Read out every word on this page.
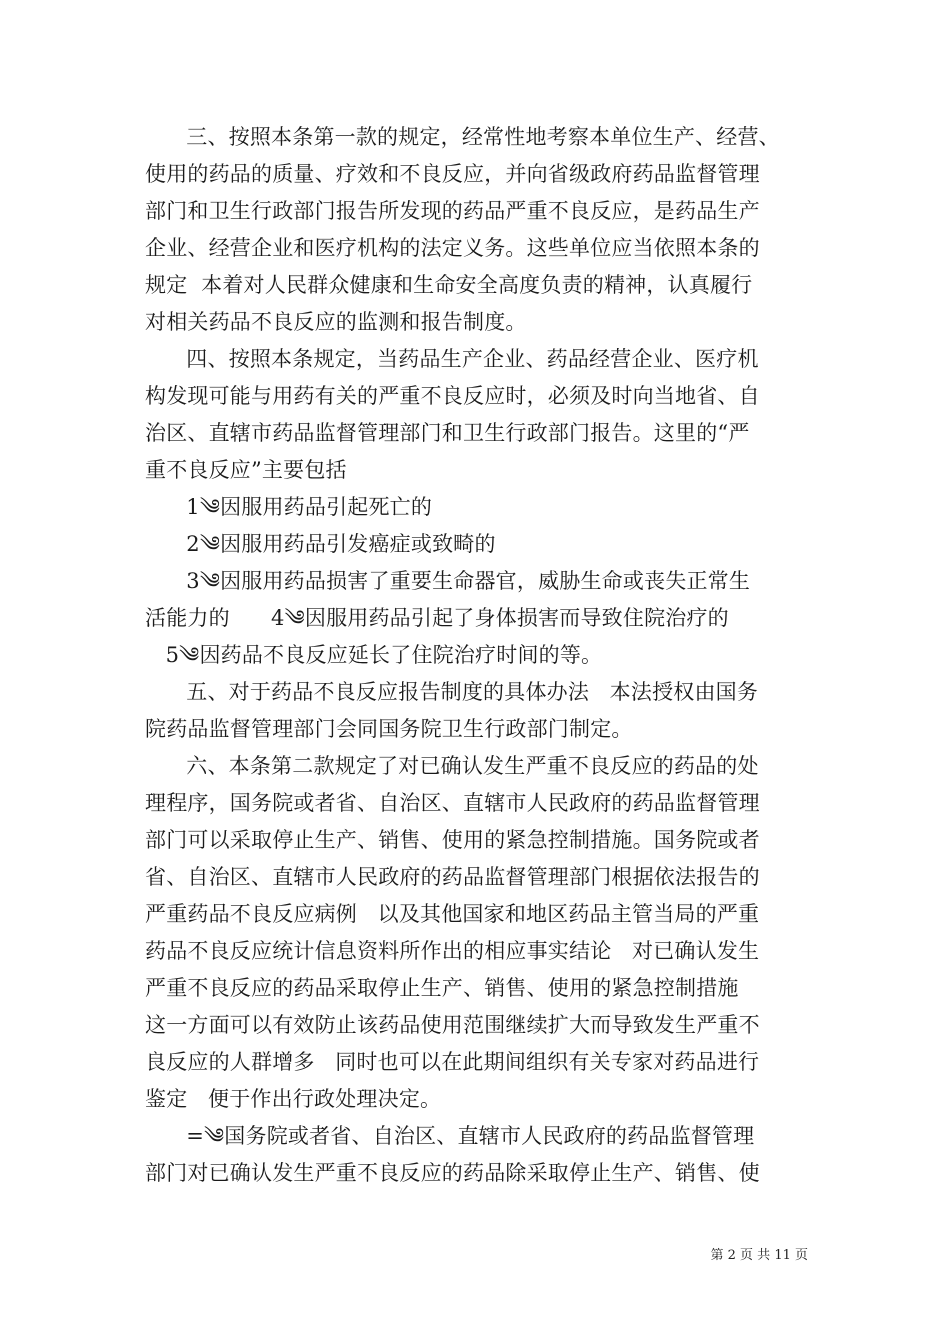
三、按照本条第一款的规定，经常性地考察本单位生产、经营、
使用的药品的质量、疗效和不良反应，并向省级政府药品监督管理
部门和卫生行政部门报告所发现的药品严重不良反应，是药品生产
企业、经营企业和医疗机构的法定义务。这些单位应当依照本条的
规定  本着对人民群众健康和生命安全高度负责的精神，认真履行
对相关药品不良反应的监测和报告制度。
四、按照本条规定，当药品生产企业、药品经营企业、医疗机
构发现可能与用药有关的严重不良反应时，必须及时向当地省、自
治区、直辖市药品监督管理部门和卫生行政部门报告。这里的“严
重不良反应”主要包括
1༄因服用药品引起死亡的
2༄因服用药品引发癌症或致畸的
3༄因服用药品损害了重要生命器官，威胁生命或丧失正常生
活能力的      4༄因服用药品引起了身体损害而导致住院治疗的
5༄因药品不良反应延长了住院治疗时间的等。
五、对于药品不良反应报告制度的具体办法   本法授权由国务
院药品监督管理部门会同国务院卫生行政部门制定。
六、本条第二款规定了对已确认发生严重不良反应的药品的处
理程序，国务院或者省、自治区、直辖市人民政府的药品监督管理
部门可以采取停止生产、销售、使用的紧急控制措施。国务院或者
省、自治区、直辖市人民政府的药品监督管理部门根据依法报告的
严重药品不良反应病例   以及其他国家和地区药品主管当局的严重
药品不良反应统计信息资料所作出的相应事实结论   对已确认发生
严重不良反应的药品采取停止生产、销售、使用的紧急控制措施
这一方面可以有效防止该药品使用范围继续扩大而导致发生严重不
良反应的人群增多   同时也可以在此期间组织有关专家对药品进行
鉴定   便于作出行政处理决定。
=༄国务院或者省、自治区、直辖市人民政府的药品监督管理
部门对已确认发生严重不良反应的药品除采取停止生产、销售、使
第 2 页 共 11 页
